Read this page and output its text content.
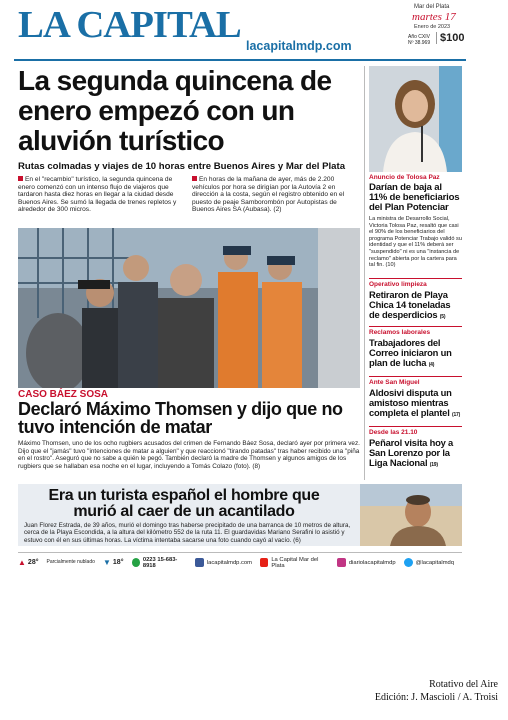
LA CAPITAL lacapitalmdp.com
Mar del Plata
martes 17
Enero de 2023
Año CXIV
Nº 38.969 $100
La segunda quincena de enero empezó con un aluvión turístico
Rutas colmadas y viajes de 10 horas entre Buenos Aires y Mar del Plata
En el "recambio" turístico, la segunda quincena de enero comenzó con un intenso flujo de viajeros que tardaron hasta diez horas en llegar a la ciudad desde Buenos Aires. Se sumó la llegada de trenes repletos y alrededor de 300 micros.
En horas de la mañana de ayer, más de 2.200 vehículos por hora se dirigían por la Autovía 2 en dirección a la costa, según el registro obtenido en el puesto de peaje Samborombón por Autopistas de Buenos Aires SA (Aubasa). (2)
CASO BÁEZ SOSA
Declaró Máximo Thomsen y dijo que no tuvo intención de matar
Máximo Thomsen, uno de los ocho rugbiers acusados del crimen de Fernando Báez Sosa, declaró ayer por primera vez. Dijo que el "jamás" tuvo "intenciones de matar a alguien" y que reaccionó "tirando patadas" tras haber recibido una "piña en el rostro". Aseguró que no sabe a quién le pegó. También declaró la madre de Thomsen y algunos amigos de los rugbiers que se hallaban esa noche en el lugar, incluyendo a Tomás Colazo (foto). (8)
Anuncio de Tolosa Paz
Darían de baja al 11% de beneficiarios del Plan Potenciar
La ministra de Desarrollo Social, Victoria Tolosa Paz, resaltó que casi el 90% de los beneficiarios del programa Potenciar Trabajo validó su identidad y que el 11% deberá ser "suspendido" ni es una "instancia de reclamo" abierta por la cartera para tal fin. (10)
Operativo limpieza
Retiraron de Playa Chica 14 toneladas de desperdicios (5)
Reclamos laborales
Trabajadores del Correo iniciaron un plan de lucha (4)
Ante San Miguel
Aldosivi disputa un amistoso mientras completa el plantel (17)
Desde las 21.10
Peñarol visita hoy a San Lorenzo por la Liga Nacional (19)
Era un turista español el hombre que murió al caer de un acantilado
Juan Florez Estrada, de 39 años, murió el domingo tras haberse precipitado de una barranca de 10 metros de altura, cerca de la Playa Escondida, a la altura del kilómetro 552 de la ruta 11. El guardavidas Mariano Serafini lo asistió y estuvo con él en sus últimas horas. La víctima intentaba sacarse una foto cuando cayó al vacío. (6)
▲ 28° Parcialmente nublado ▼ 18°	0223 15-683-8918	lacapitalmdp.com	La Capital Mar del Plata	diariolacapitalmdp	@lacapitalmdq
Rotativo del Aire
Edición: J. Mascioli / A. Troisi
